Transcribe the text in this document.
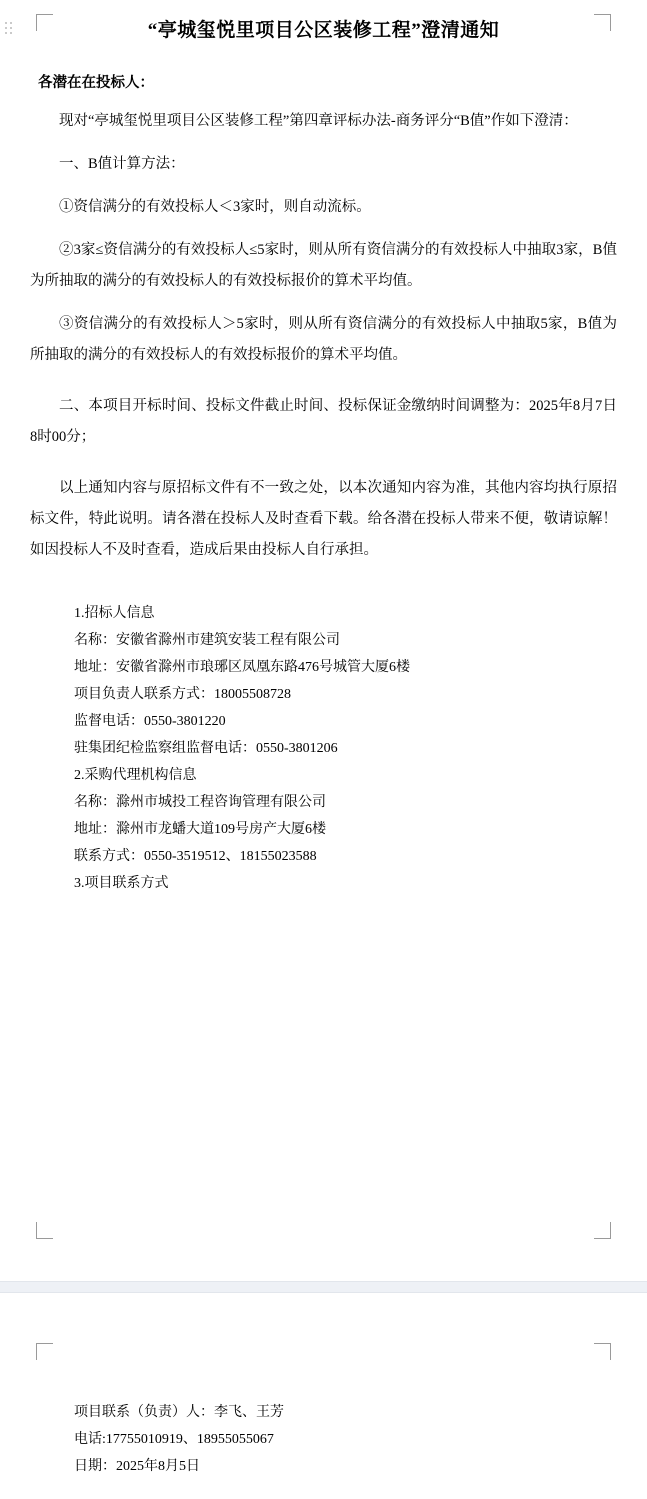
“亭城玺悦里项目公区装修工程”澄清通知
各潜在在投标人：
现对“亭城玺悦里项目公区装修工程”第四章评标办法-商务评分“B值”作如下澄清：
一、B值计算方法：
①资信满分的有效投标人＜3家时，则自动流标。
②3家≤资信满分的有效投标人≤5家时，则从所有资信满分的有效投标人中抽取3家，B值为所抽取的满分的有效投标人的有效投标报价的算术平均值。
③资信满分的有效投标人＞5家时，则从所有资信满分的有效投标人中抽取5家，B值为所抽取的满分的有效投标人的有效投标报价的算术平均值。
二、本项目开标时间、投标文件截止时间、投标保证金缴纳时间调整为：2025年8月7日8时00分；
以上通知内容与原招标文件有不一致之处，以本次通知内容为准，其他内容均执行原招标文件，特此说明。请各潜在投标人及时查看下载。给各潜在投标人带来不便，敬请谅解！如因投标人不及时查看，造成后果由投标人自行承担。
1.招标人信息
名称：安徽省滁州市建筑安装工程有限公司
地址：安徽省滁州市琅琊区凤凰东路476号城管大厦6楼
项目负责人联系方式：18005508728
监督电话：0550-3801220
驻集团纪检监察组监督电话：0550-3801206
2.采购代理机构信息
名称：滁州市城投工程咨询管理有限公司
地址：滁州市龙蟠大道109号房产大厦6楼
联系方式：0550-3519512、18155023588
3.项目联系方式
项目联系（负责）人：李飞、王芳
电话:17755010919、18955055067
日期：2025年8月5日
